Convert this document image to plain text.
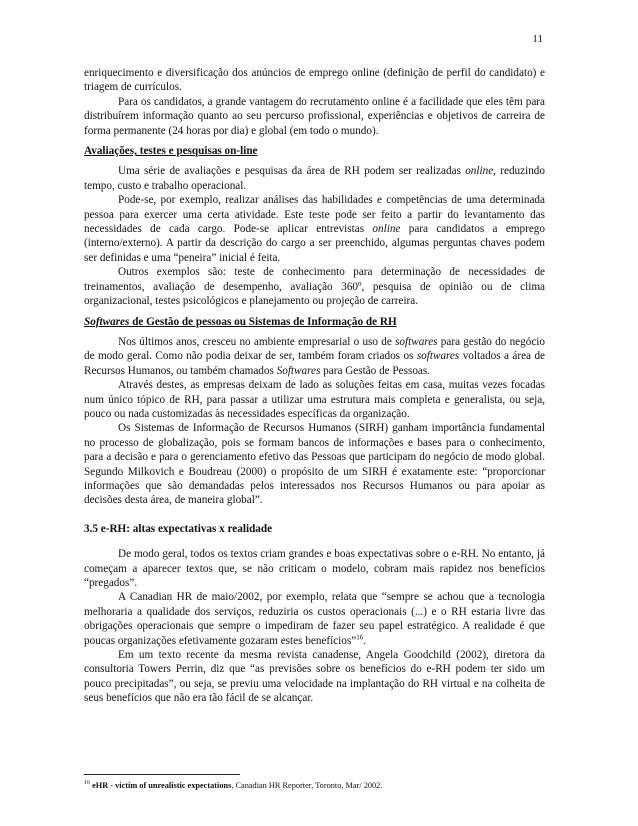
11

enriquecimento e diversificação dos anúncios de emprego online (definição de perfil do candidato) e triagem de currículos.

Para os candidatos, a grande vantagem do recrutamento online é a facilidade que eles têm para distribuírem informação quanto ao seu percurso profissional, experiências e objetivos de carreira de forma permanente (24 horas por dia) e global (em todo o mundo).

Avaliações, testes e pesquisas on-line

Uma série de avaliações e pesquisas da área de RH podem ser realizadas online, reduzindo tempo, custo e trabalho operacional.

Pode-se, por exemplo, realizar análises das habilidades e competências de uma determinada pessoa para exercer uma certa atividade. Este teste pode ser feito a partir do levantamento das necessidades de cada cargo. Pode-se aplicar entrevistas online para candidatos a emprego (interno/externo). A partir da descrição do cargo a ser preenchido, algumas perguntas chaves podem ser definidas e uma “peneira” inicial é feita.

Outros exemplos são: teste de conhecimento para determinação de necessidades de treinamentos, avaliação de desempenho, avaliação 360º, pesquisa de opinião ou de clima organizacional, testes psicológicos e planejamento ou projeção de carreira.

Softwares de Gestão de pessoas ou Sistemas de Informação de RH

Nos últimos anos, cresceu no ambiente empresarial o uso de softwares para gestão do negócio de modo geral. Como não podia deixar de ser, também foram criados os softwares voltados a área de Recursos Humanos, ou também chamados Softwares para Gestão de Pessoas.

Através destes, as empresas deixam de lado as soluções feitas em casa, muitas vezes focadas num único tópico de RH, para passar a utilizar uma estrutura mais completa e generalista, ou seja, pouco ou nada customizadas às necessidades específicas da organização.

Os Sistemas de Informação de Recursos Humanos (SIRH) ganham importância fundamental no processo de globalização, pois se formam bancos de informações e bases para o conhecimento, para a decisão e para o gerenciamento efetivo das Pessoas que participam do negócio de modo global. Segundo Milkovich e Boudreau (2000) o propósito de um SIRH é exatamente este: “proporcionar informações que são demandadas pelos interessados nos Recursos Humanos ou para apoiar as decisões desta área, de maneira global”.

3.5 e-RH: altas expectativas x realidade

De modo geral, todos os textos criam grandes e boas expectativas sobre o e-RH. No entanto, já começam a aparecer textos que, se não criticam o modelo, cobram mais rapidez nos benefícios “pregados”.

A Canadian HR de maio/2002, por exemplo, relata que “sempre se achou que a tecnologia melhoraria a qualidade dos serviços, reduziria os custos operacionais (...) e o RH estaria livre das obrigações operacionais que sempre o impediram de fazer seu papel estratégico. A realidade é que poucas organizações efetivamente gozaram estes benefícios”$^{16}$.

Em um texto recente da mesma revista canadense, Angela Goodchild (2002), diretora da consultoria Towers Perrin, diz que “as previsões sobre os benefícios do e-RH podem ter sido um pouco precipitadas”, ou seja, se previu uma velocidade na implantação do RH virtual e na colheita de seus benefícios que não era tão fácil de se alcançar.

$^{16}$ eHR - victim of unrealistic expectations, Canadian HR Reporter, Toronto, Mar/ 2002.
